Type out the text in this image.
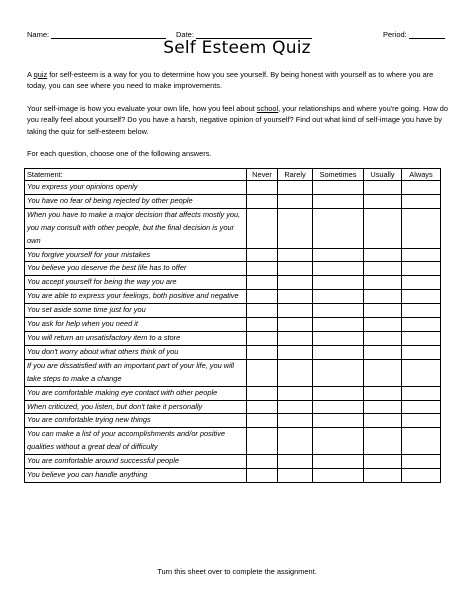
Name:	Date:	Period:
Self Esteem Quiz
A quiz for self-esteem is a way for you to determine how you see yourself. By being honest with yourself as to where you are today, you can see where you need to make improvements.
Your self-image is how you evaluate your own life, how you feel about school, your relationships and where you're going. How do you really feel about yourself? Do you have a harsh, negative opinion of yourself? Find out what kind of self-image you have by taking the quiz for self-esteem below.
For each question, choose one of the following answers.
Statement:	Never	Rarely	Sometimes	Usually	Always
You express your opinions openly					
You have no fear of being rejected by other people					
When you have to make a major decision that affects mostly you, you may consult with other people, but the final decision is your own					
You forgive yourself for your mistakes					
You believe you deserve the best life has to offer					
You accept yourself for being the way you are					
You are able to express your feelings, both positive and negative					
You set aside some time just for you					
You ask for help when you need it					
You will return an unsatisfactory item to a store					
You don't worry about what others think of you					
If you are dissatisfied with an important part of your life, you will take steps to make a change					
You are comfortable making eye contact with other people					
When criticized, you listen, but don't take it personally					
You are comfortable trying new things					
You can make a list of your accomplishments and/or positive qualities without a great deal of difficulty					
You are comfortable around successful people					
You believe you can handle anything					
Turn this sheet over to complete the assignment.
